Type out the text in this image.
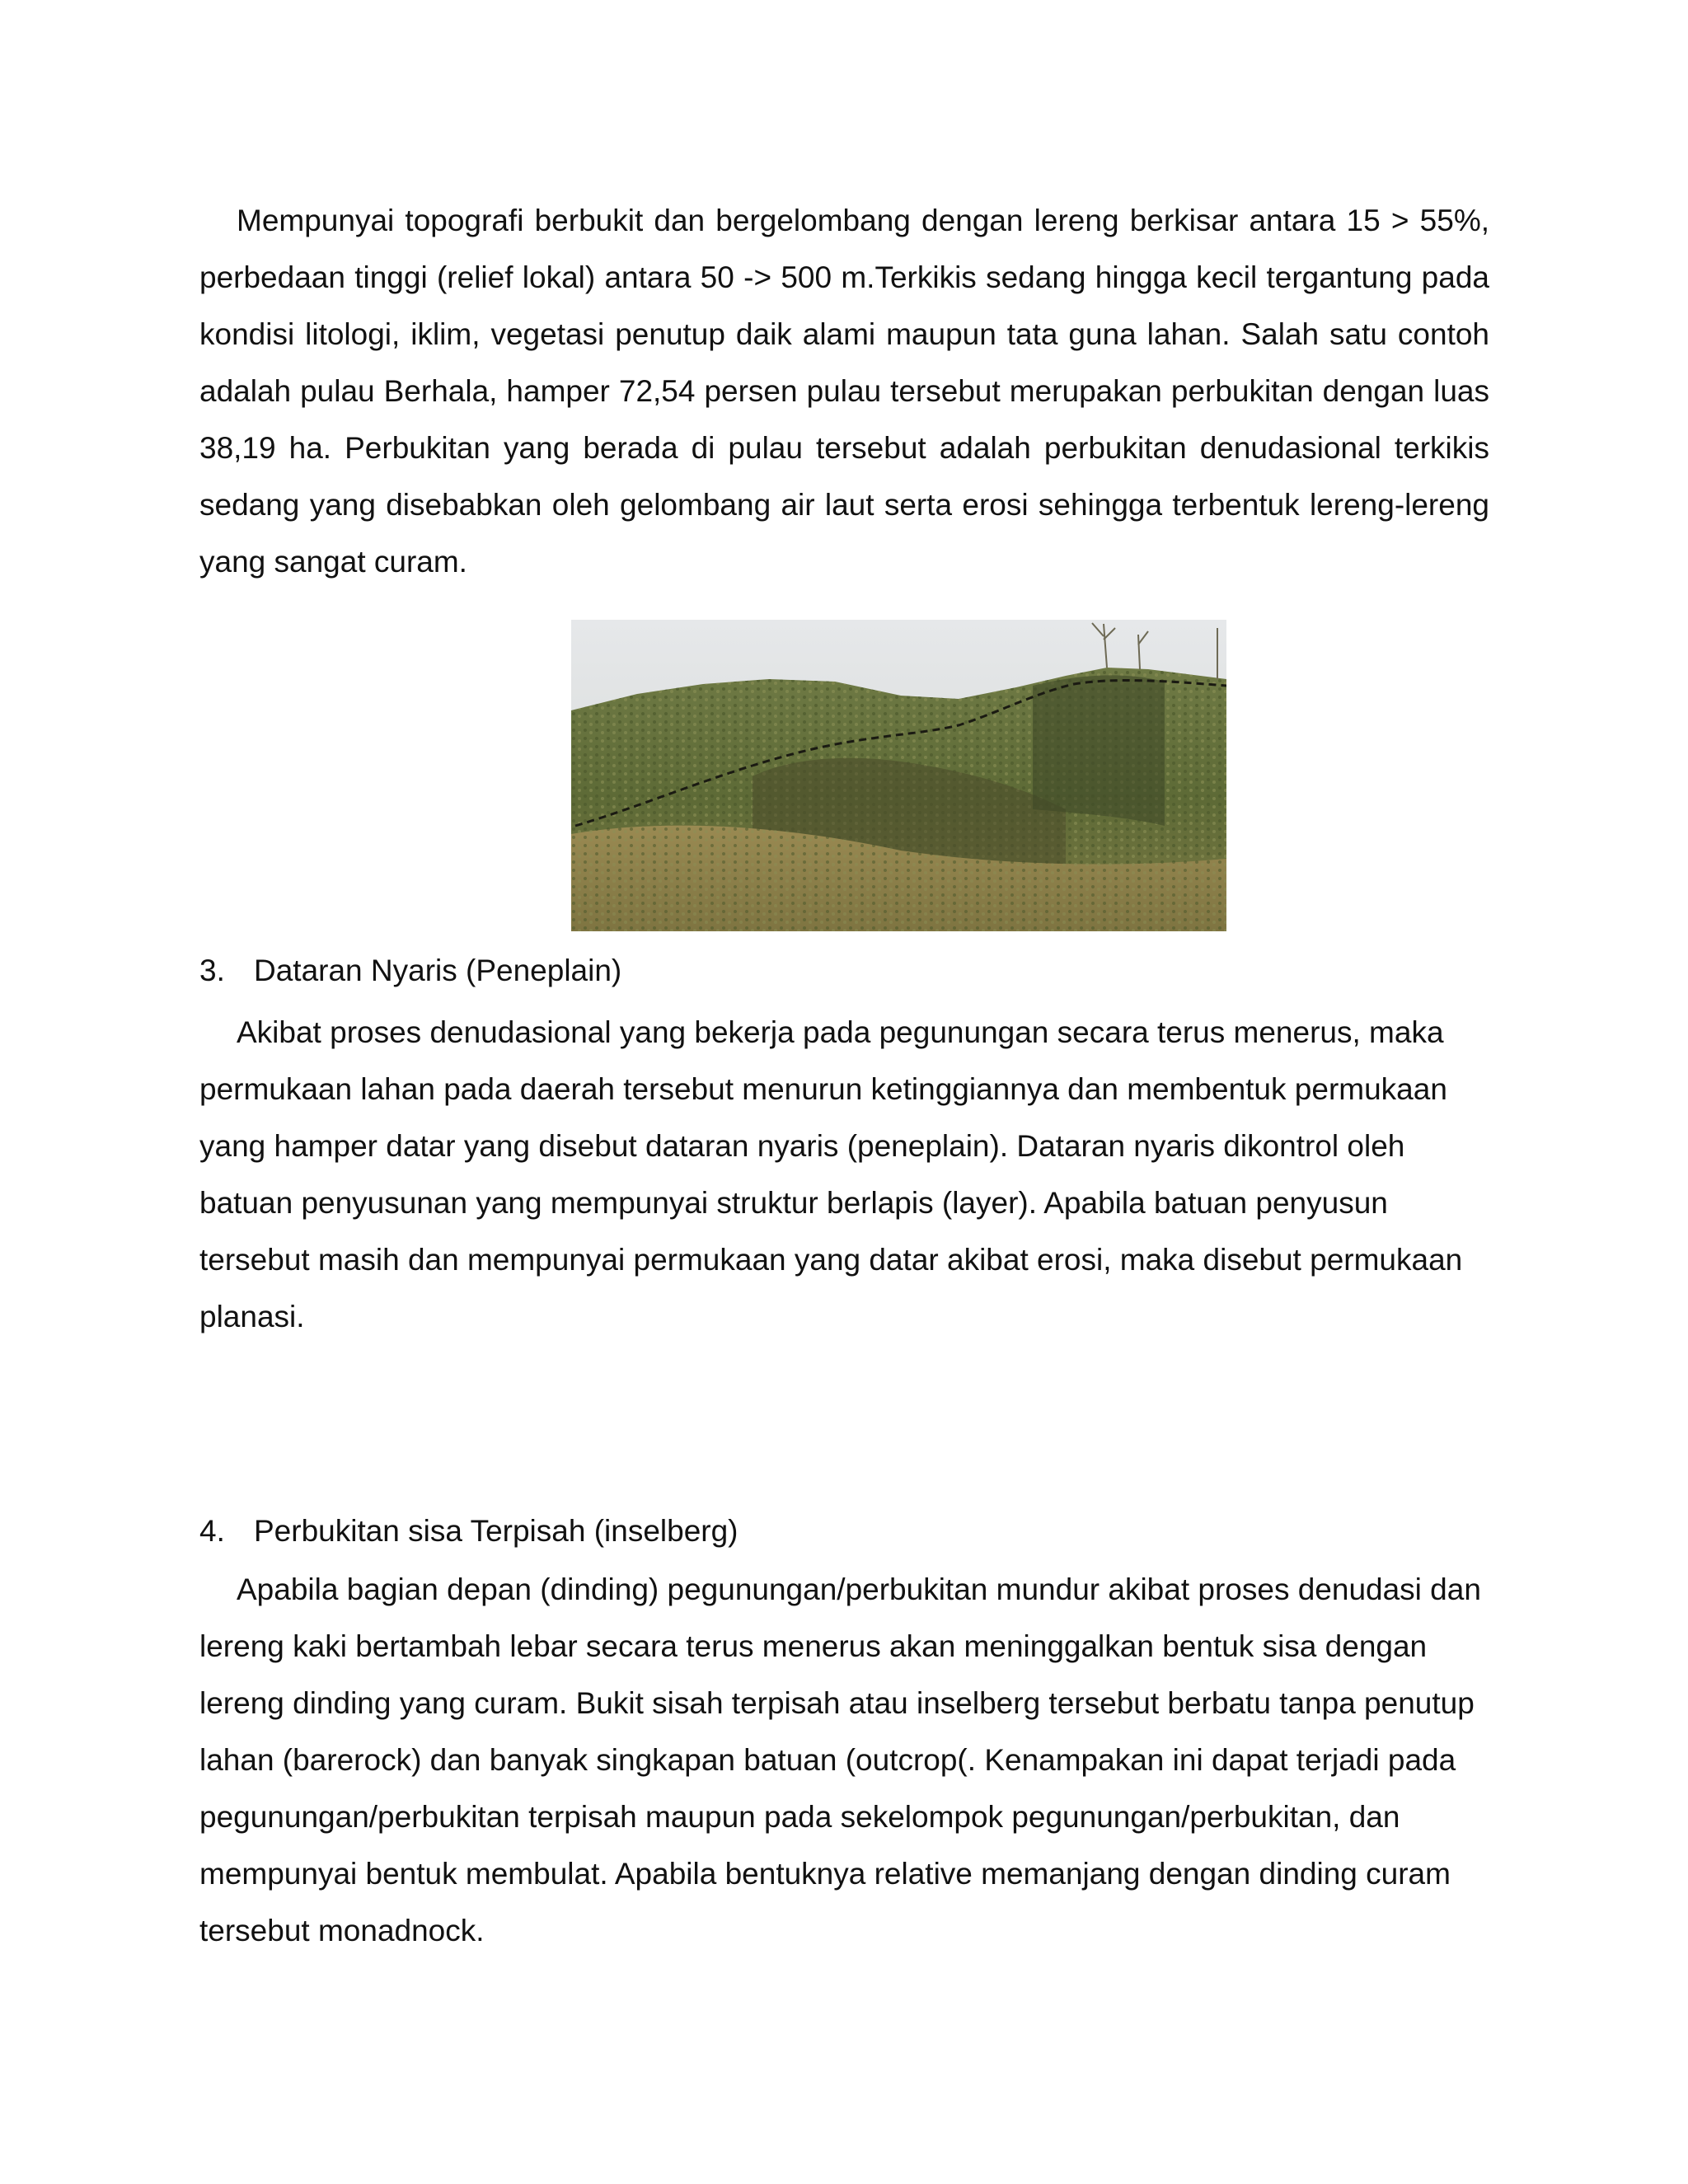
Mempunyai topografi berbukit dan bergelombang dengan lereng berkisar antara 15 > 55%, perbedaan tinggi (relief lokal) antara 50 -> 500 m.Terkikis sedang hingga kecil tergantung pada kondisi litologi, iklim, vegetasi penutup daik alami maupun tata guna lahan. Salah satu contoh adalah pulau Berhala, hamper 72,54 persen pulau tersebut merupakan perbukitan dengan luas 38,19 ha. Perbukitan yang berada di pulau tersebut adalah perbukitan denudasional terkikis sedang yang disebabkan oleh gelombang air laut serta erosi sehingga terbentuk lereng-lereng yang sangat curam.

3. Dataran Nyaris (Peneplain)

Akibat proses denudasional yang bekerja pada pegunungan secara terus menerus, maka permukaan lahan pada daerah tersebut menurun ketinggiannya dan membentuk permukaan yang hamper datar yang disebut dataran nyaris (peneplain). Dataran nyaris dikontrol oleh batuan penyusunan yang mempunyai struktur berlapis (layer). Apabila batuan penyusun tersebut masih dan mempunyai permukaan yang datar akibat erosi, maka disebut permukaan planasi.

4. Perbukitan sisa Terpisah (inselberg)

Apabila bagian depan (dinding) pegunungan/perbukitan mundur akibat proses denudasi dan lereng kaki bertambah lebar secara terus menerus akan meninggalkan bentuk sisa dengan lereng dinding yang curam. Bukit sisah terpisah atau inselberg tersebut berbatu tanpa penutup lahan (barerock) dan banyak singkapan batuan (outcrop(. Kenampakan ini dapat terjadi pada pegunungan/perbukitan terpisah maupun pada sekelompok pegunungan/perbukitan, dan mempunyai bentuk membulat. Apabila bentuknya relative memanjang dengan dinding curam tersebut monadnock.
